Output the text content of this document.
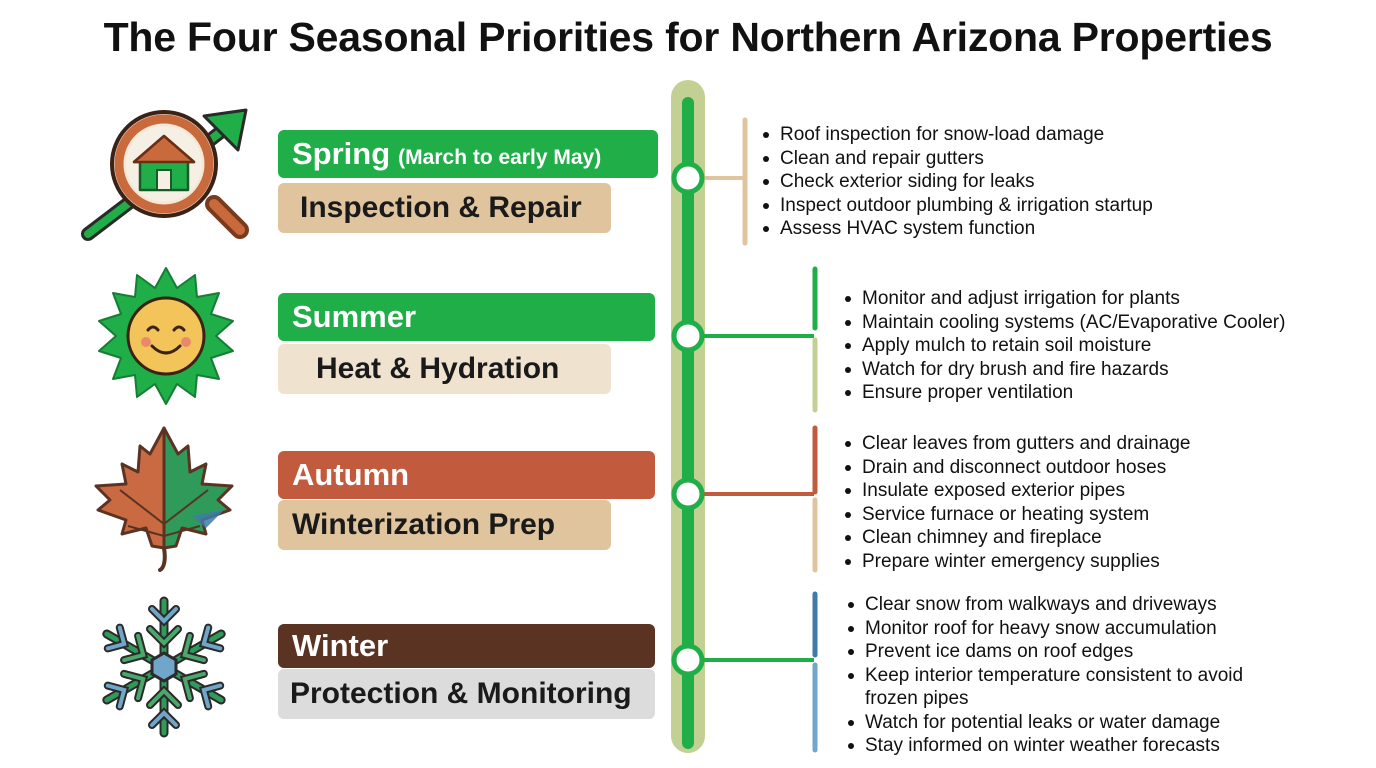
The Four Seasonal Priorities for Northern Arizona Properties
Spring (March to early May)
Inspection & Repair
Roof inspection for snow-load damage
Clean and repair gutters
Check exterior siding for leaks
Inspect outdoor plumbing & irrigation startup
Assess HVAC system function
Summer
Heat & Hydration
Monitor and adjust irrigation for plants
Maintain cooling systems (AC/Evaporative Cooler)
Apply mulch to retain soil moisture
Watch for dry brush and fire hazards
Ensure proper ventilation
Autumn
Winterization Prep
Clear leaves from gutters and drainage
Drain and disconnect outdoor hoses
Insulate exposed exterior pipes
Service furnace or heating system
Clean chimney and fireplace
Prepare winter emergency supplies
Winter
Protection & Monitoring
Clear snow from walkways and driveways
Monitor roof for heavy snow accumulation
Prevent ice dams on roof edges
Keep interior temperature consistent to avoid frozen pipes
Watch for potential leaks or water damage
Stay informed on winter weather forecasts
